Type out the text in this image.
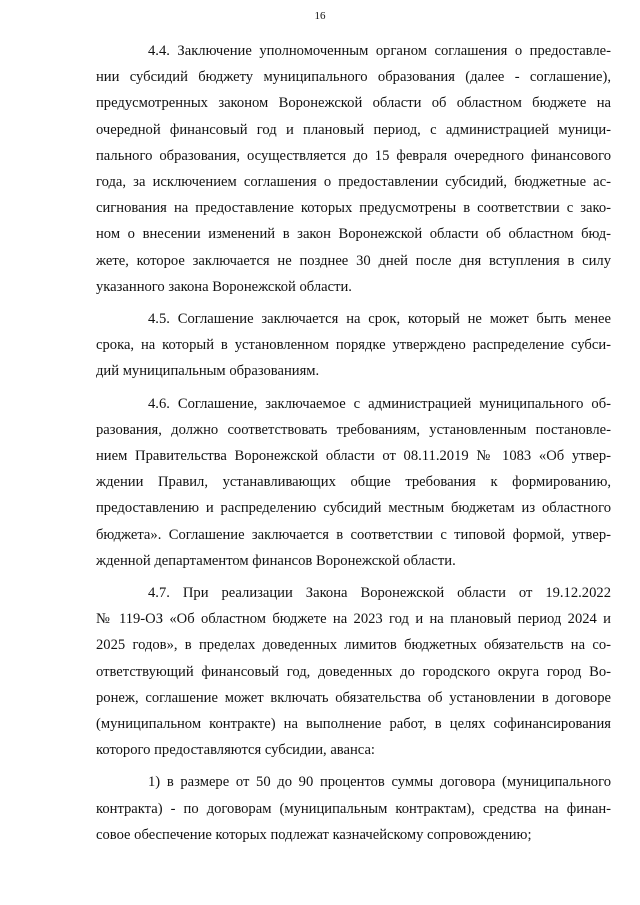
16

4.4. Заключение уполномоченным органом соглашения о предоставле-
нии субсидий бюджету муниципального образования (далее - соглашение),
предусмотренных законом Воронежской области об областном бюджете на
очередной финансовый год и плановый период, с администрацией муници-
пального образования, осуществляется до 15 февраля очередного финансового
года, за исключением соглашения о предоставлении субсидий, бюджетные ас-
сигнования на предоставление которых предусмотрены в соответствии с зако-
ном о внесении изменений в закон Воронежской области об областном бюд-
жете, которое заключается не позднее 30 дней после дня вступления в силу
указанного закона Воронежской области.

4.5. Соглашение заключается на срок, который не может быть менее
срока, на который в установленном порядке утверждено распределение субси-
дий муниципальным образованиям.

4.6. Соглашение, заключаемое с администрацией муниципального об-
разования, должно соответствовать требованиям, установленным постановле-
нием Правительства Воронежской области от 08.11.2019 № 1083 «Об утвер-
ждении Правил, устанавливающих общие требования к формированию,
предоставлению и распределению субсидий местным бюджетам из областного
бюджета». Соглашение заключается в соответствии с типовой формой, утвер-
жденной департаментом финансов Воронежской области.

4.7. При реализации Закона Воронежской области от 19.12.2022
№ 119-ОЗ «Об областном бюджете на 2023 год и на плановый период 2024 и
2025 годов», в пределах доведенных лимитов бюджетных обязательств на со-
ответствующий финансовый год, доведенных до городского округа город Во-
ронеж, соглашение может включать обязательства об установлении в договоре
(муниципальном контракте) на выполнение работ, в целях софинансирования
которого предоставляются субсидии, аванса:

1) в размере от 50 до 90 процентов суммы договора (муниципального
контракта) - по договорам (муниципальным контрактам), средства на финан-
совое обеспечение которых подлежат казначейскому сопровождению;
